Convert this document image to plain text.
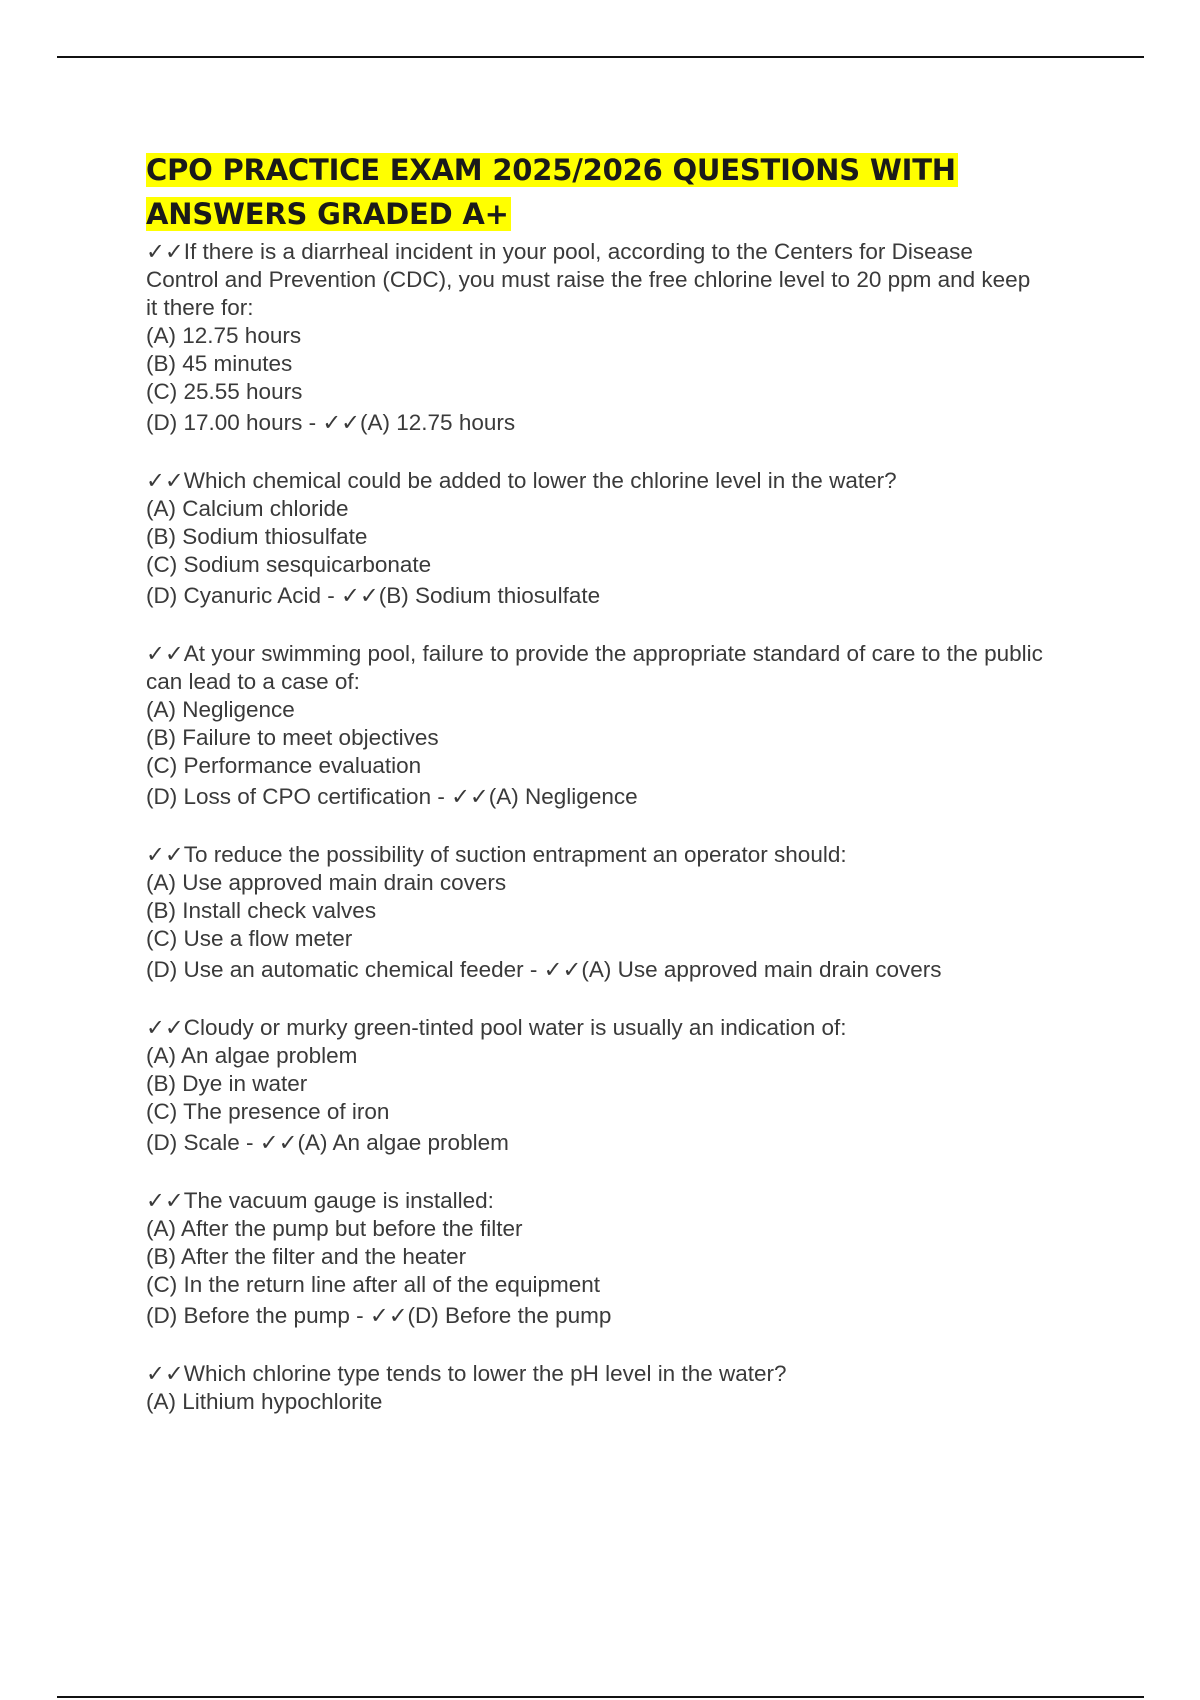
CPO PRACTICE EXAM 2025/2026 QUESTIONS WITH ANSWERS GRADED A+
✓✓If there is a diarrheal incident in your pool, according to the Centers for Disease Control and Prevention (CDC), you must raise the free chlorine level to 20 ppm and keep it there for:
(A) 12.75 hours
(B) 45 minutes
(C) 25.55 hours
(D) 17.00 hours - ✓✓(A) 12.75 hours
✓✓Which chemical could be added to lower the chlorine level in the water?
(A) Calcium chloride
(B) Sodium thiosulfate
(C) Sodium sesquicarbonate
(D) Cyanuric Acid - ✓✓(B) Sodium thiosulfate
✓✓At your swimming pool, failure to provide the appropriate standard of care to the public can lead to a case of:
(A) Negligence
(B) Failure to meet objectives
(C) Performance evaluation
(D) Loss of CPO certification - ✓✓(A) Negligence
✓✓To reduce the possibility of suction entrapment an operator should:
(A) Use approved main drain covers
(B) Install check valves
(C) Use a flow meter
(D) Use an automatic chemical feeder - ✓✓(A) Use approved main drain covers
✓✓Cloudy or murky green-tinted pool water is usually an indication of:
(A) An algae problem
(B) Dye in water
(C) The presence of iron
(D) Scale - ✓✓(A) An algae problem
✓✓The vacuum gauge is installed:
(A) After the pump but before the filter
(B) After the filter and the heater
(C) In the return line after all of the equipment
(D) Before the pump - ✓✓(D) Before the pump
✓✓Which chlorine type tends to lower the pH level in the water?
(A) Lithium hypochlorite
